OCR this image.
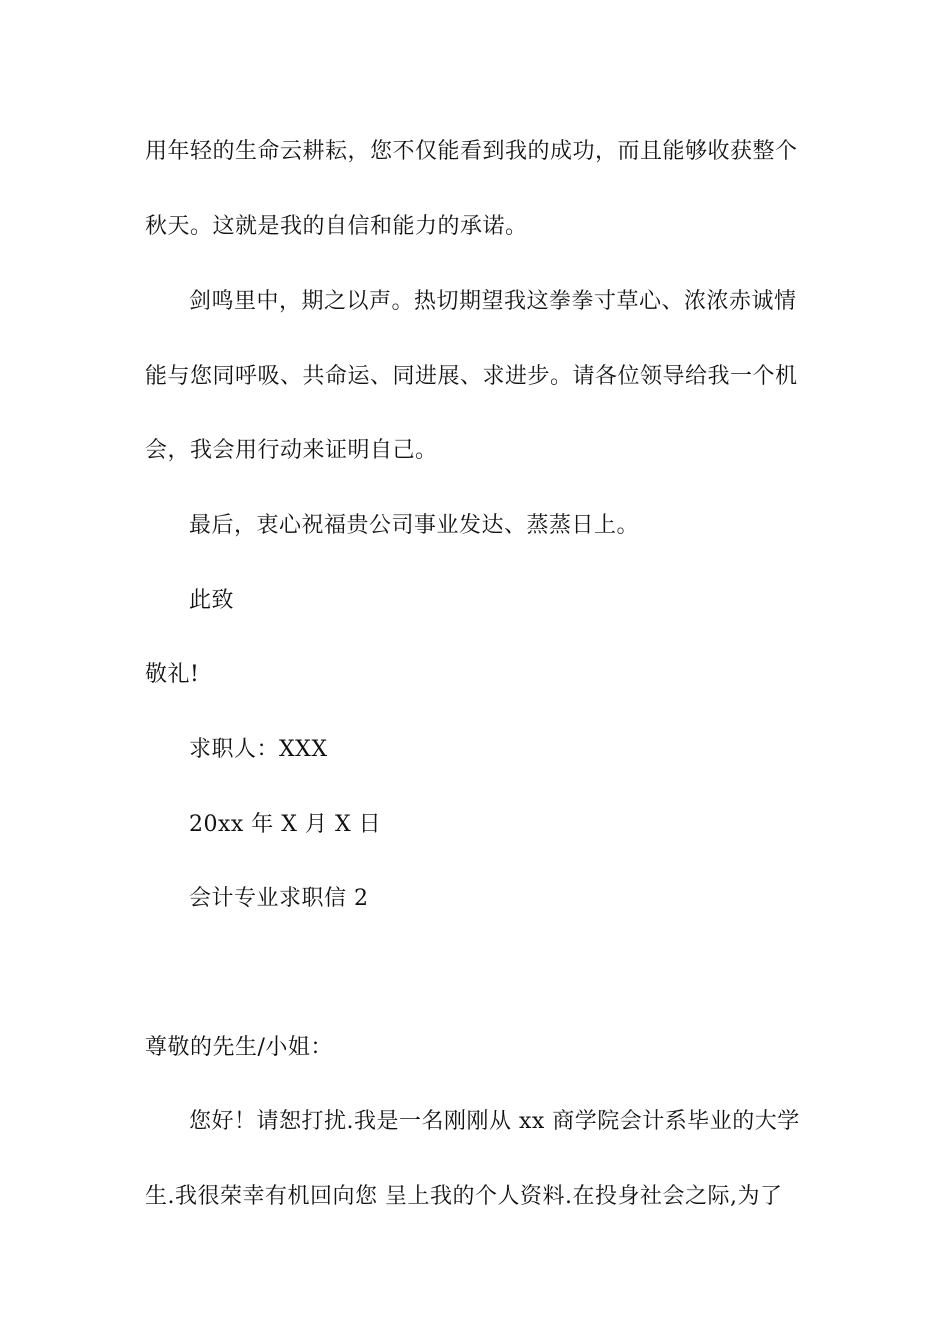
用年轻的生命云耕耘，您不仅能看到我的成功，而且能够收获整个
秋天。这就是我的自信和能力的承诺。
剑鸣里中，期之以声。热切期望我这拳拳寸草心、浓浓赤诚情
能与您同呼吸、共命运、同进展、求进步。请各位领导给我一个机
会，我会用行动来证明自己。
最后，衷心祝福贵公司事业发达、蒸蒸日上。
此致
敬礼!
求职人：XXX
20xx 年 X 月 X 日
会计专业求职信 2
尊敬的先生/小姐：
您好！请恕打扰.我是一名刚刚从 xx 商学院会计系毕业的大学
生.我很荣幸有机回向您 呈上我的个人资料.在投身社会之际,为了
